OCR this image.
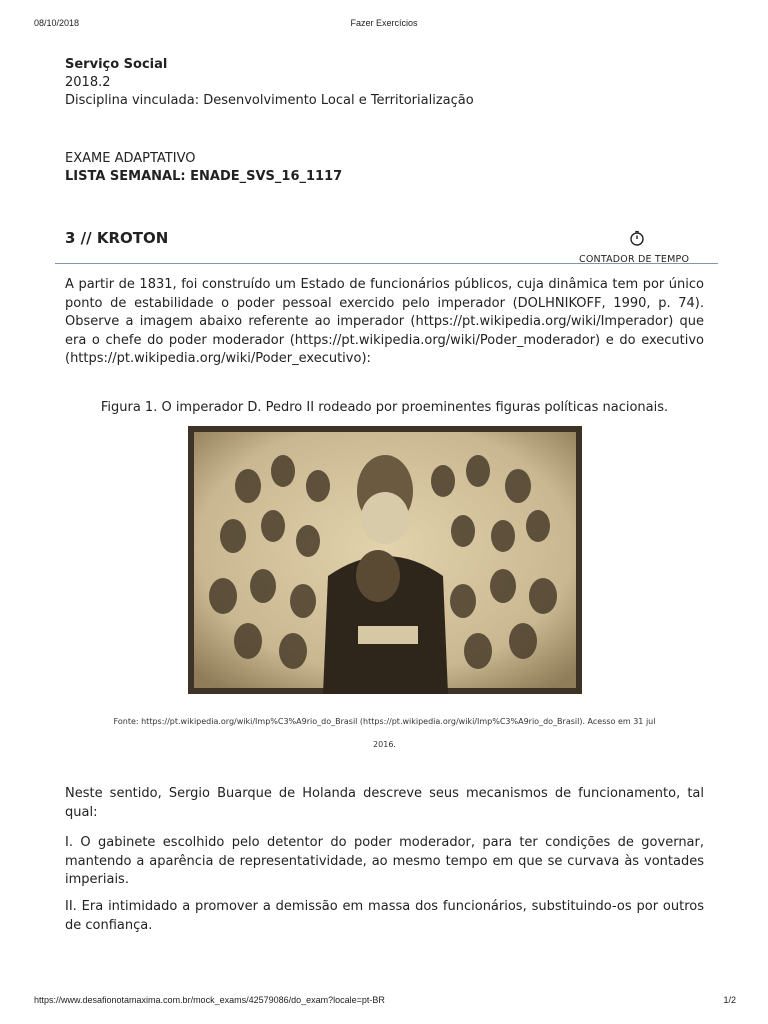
08/10/2018	Fazer Exercícios
Serviço Social
2018.2
Disciplina vinculada: Desenvolvimento Local e Territorialização
EXAME ADAPTATIVO
LISTA SEMANAL: ENADE_SVS_16_1117
3 // KROTON
CONTADOR DE TEMPO

A partir de 1831, foi construído um Estado de funcionários públicos, cuja dinâmica tem por único ponto de estabilidade o poder pessoal exercido pelo imperador (DOLHNIKOFF, 1990, p. 74). Observe a imagem abaixo referente ao imperador (https://pt.wikipedia.org/wiki/Imperador) que era o chefe do poder moderador (https://pt.wikipedia.org/wiki/Poder_moderador) e do executivo (https://pt.wikipedia.org/wiki/Poder_executivo):

Figura 1. O imperador D. Pedro II rodeado por proeminentes figuras políticas nacionais.
Fonte: https://pt.wikipedia.org/wiki/Imp%C3%A9rio_do_Brasil (https://pt.wikipedia.org/wiki/Imp%C3%A9rio_do_Brasil). Acesso em 31 jul
2016.

Neste sentido, Sergio Buarque de Holanda descreve seus mecanismos de funcionamento, tal qual:

I. O gabinete escolhido pelo detentor do poder moderador, para ter condições de governar, mantendo a aparência de representatividade, ao mesmo tempo em que se curvava às vontades imperiais.

II. Era intimidado a promover a demissão em massa dos funcionários, substituindo-os por outros de confiança.

https://www.desafionotamaxima.com.br/mock_exams/42579086/do_exam?locale=pt-BR	1/2
